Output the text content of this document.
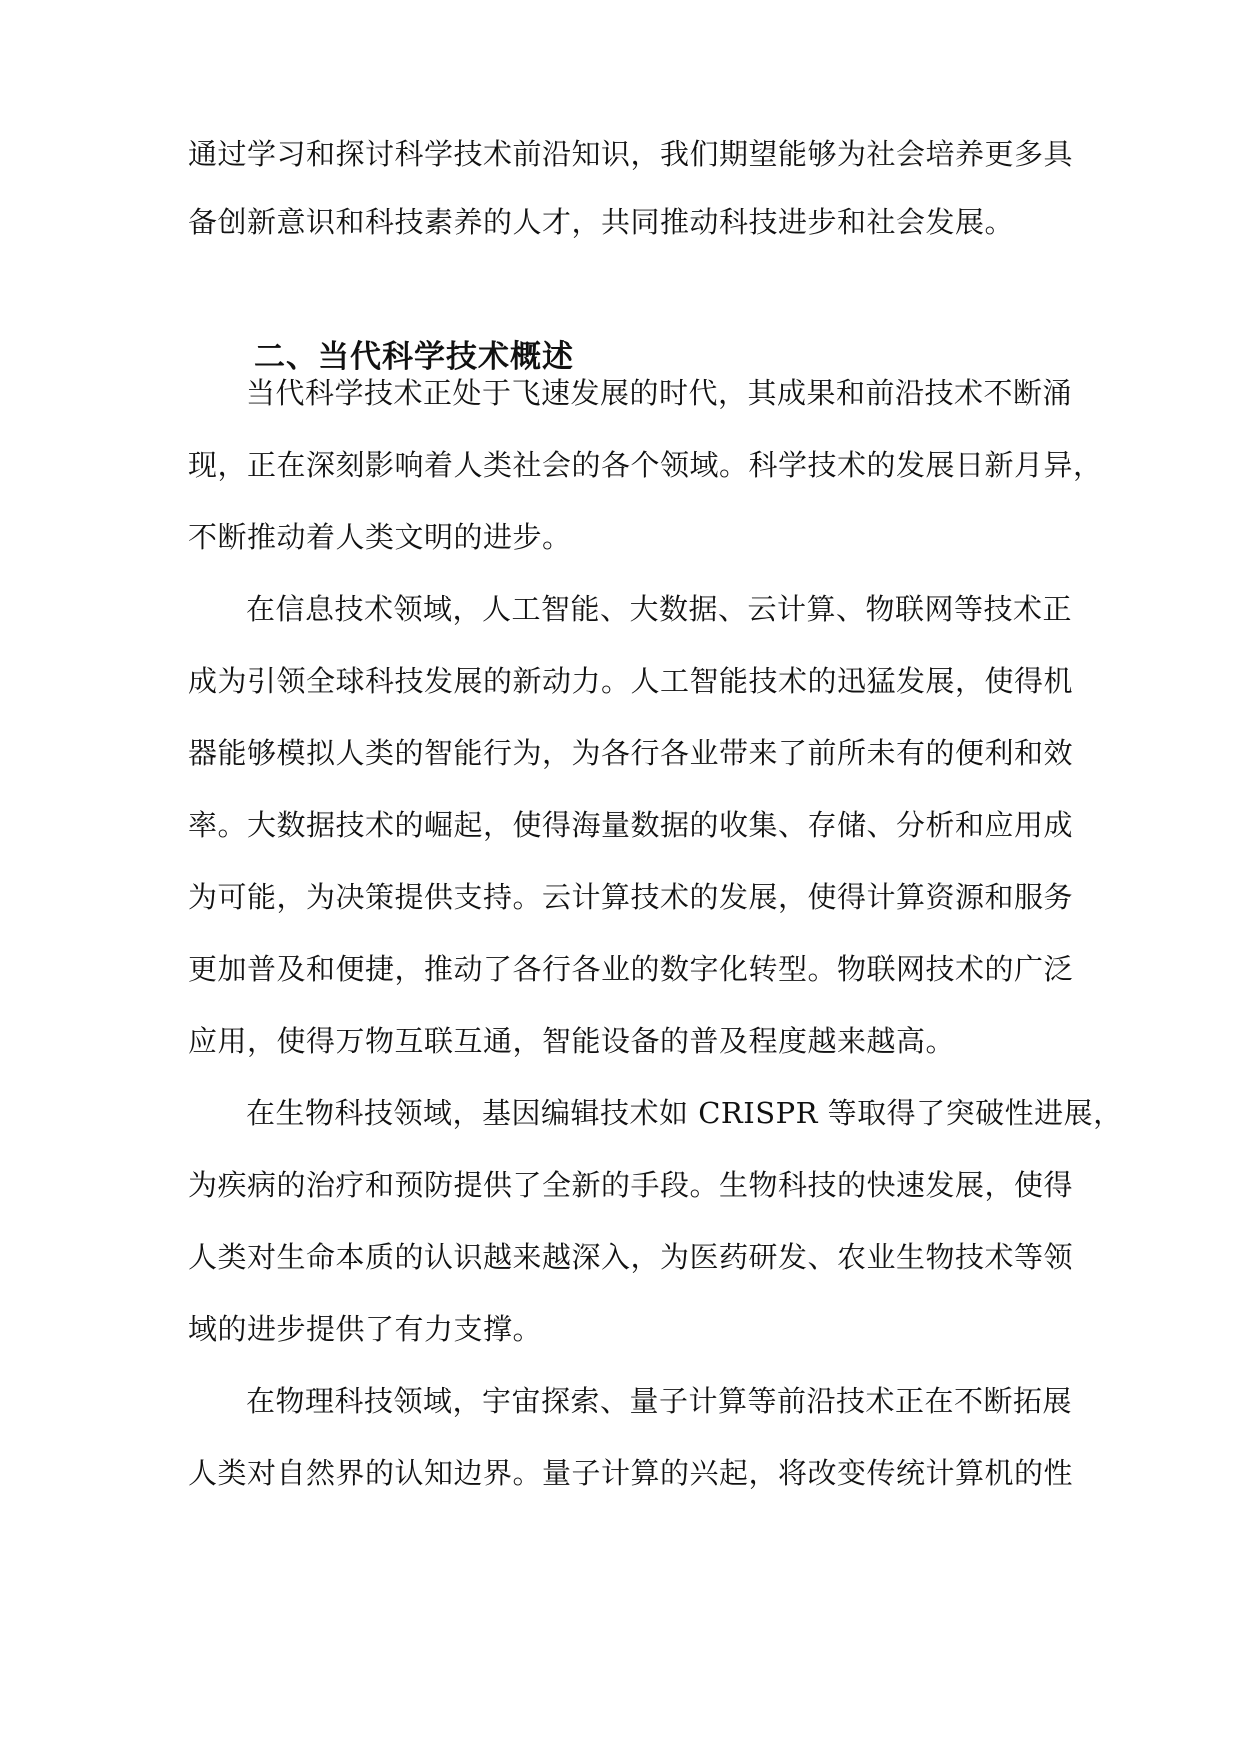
通过学习和探讨科学技术前沿知识，我们期望能够为社会培养更多具
备创新意识和科技素养的人才，共同推动科技进步和社会发展。
二、当代科学技术概述
当代科学技术正处于飞速发展的时代，其成果和前沿技术不断涌
现，正在深刻影响着人类社会的各个领域。科学技术的发展日新月异，
不断推动着人类文明的进步。
在信息技术领域，人工智能、大数据、云计算、物联网等技术正
成为引领全球科技发展的新动力。人工智能技术的迅猛发展，使得机
器能够模拟人类的智能行为，为各行各业带来了前所未有的便利和效
率。大数据技术的崛起，使得海量数据的收集、存储、分析和应用成
为可能，为决策提供支持。云计算技术的发展，使得计算资源和服务
更加普及和便捷，推动了各行各业的数字化转型。物联网技术的广泛
应用，使得万物互联互通，智能设备的普及程度越来越高。
在生物科技领域，基因编辑技术如 CRISPR 等取得了突破性进展，
为疾病的治疗和预防提供了全新的手段。生物科技的快速发展，使得
人类对生命本质的认识越来越深入，为医药研发、农业生物技术等领
域的进步提供了有力支撑。
在物理科技领域，宇宙探索、量子计算等前沿技术正在不断拓展
人类对自然界的认知边界。量子计算的兴起，将改变传统计算机的性
